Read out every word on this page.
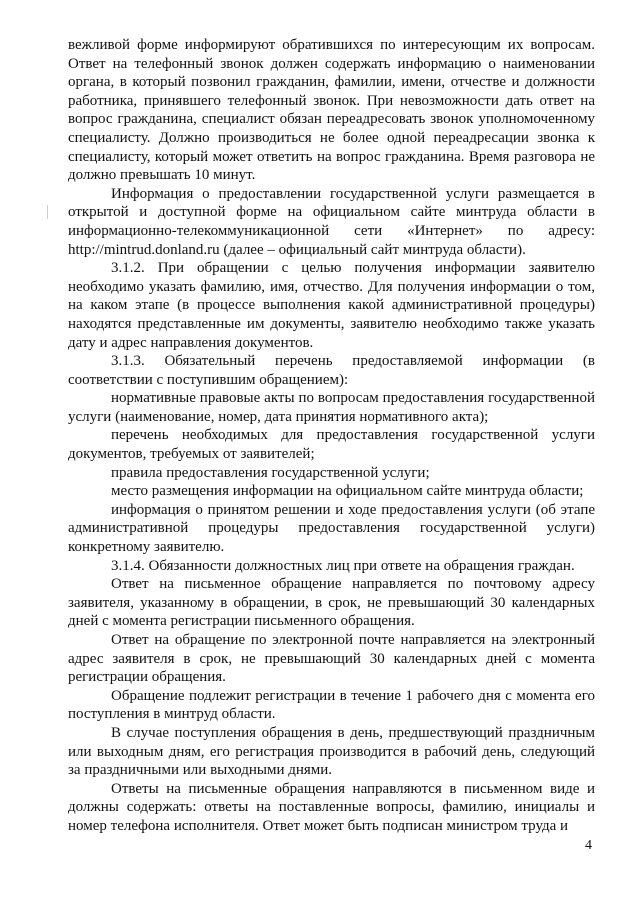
вежливой форме информируют обратившихся по интересующим их вопросам. Ответ на телефонный звонок должен содержать информацию о наименовании органа, в который позвонил гражданин, фамилии, имени, отчестве и должности работника, принявшего телефонный звонок. При невозможности дать ответ на вопрос гражданина, специалист обязан переадресовать звонок уполномоченному специалисту. Должно производиться не более одной переадресации звонка к специалисту, который может ответить на вопрос гражданина. Время разговора не должно превышать 10 минут.

Информация о предоставлении государственной услуги размещается в открытой и доступной форме на официальном сайте минтруда области в информационно-телекоммуникационной сети «Интернет» по адресу: http://mintrud.donland.ru (далее – официальный сайт минтруда области).

3.1.2. При обращении с целью получения информации заявителю необходимо указать фамилию, имя, отчество. Для получения информации о том, на каком этапе (в процессе выполнения какой административной процедуры) находятся представленные им документы, заявителю необходимо также указать дату и адрес направления документов.

3.1.3. Обязательный перечень предоставляемой информации (в соответствии с поступившим обращением):

нормативные правовые акты по вопросам предоставления государственной услуги (наименование, номер, дата принятия нормативного акта);

перечень необходимых для предоставления государственной услуги документов, требуемых от заявителей;

правила предоставления государственной услуги;

место размещения информации на официальном сайте минтруда области;

информация о принятом решении и ходе предоставления услуги (об этапе административной процедуры предоставления государственной услуги) конкретному заявителю.

3.1.4. Обязанности должностных лиц при ответе на обращения граждан.

Ответ на письменное обращение направляется по почтовому адресу заявителя, указанному в обращении, в срок, не превышающий 30 календарных дней с момента регистрации письменного обращения.

Ответ на обращение по электронной почте направляется на электронный адрес заявителя в срок, не превышающий 30 календарных дней с момента регистрации обращения.

Обращение подлежит регистрации в течение 1 рабочего дня с момента его поступления в минтруд области.

В случае поступления обращения в день, предшествующий праздничным или выходным дням, его регистрация производится в рабочий день, следующий за праздничными или выходными днями.

Ответы на письменные обращения направляются в письменном виде и должны содержать: ответы на поставленные вопросы, фамилию, инициалы и номер телефона исполнителя. Ответ может быть подписан министром труда и

4
